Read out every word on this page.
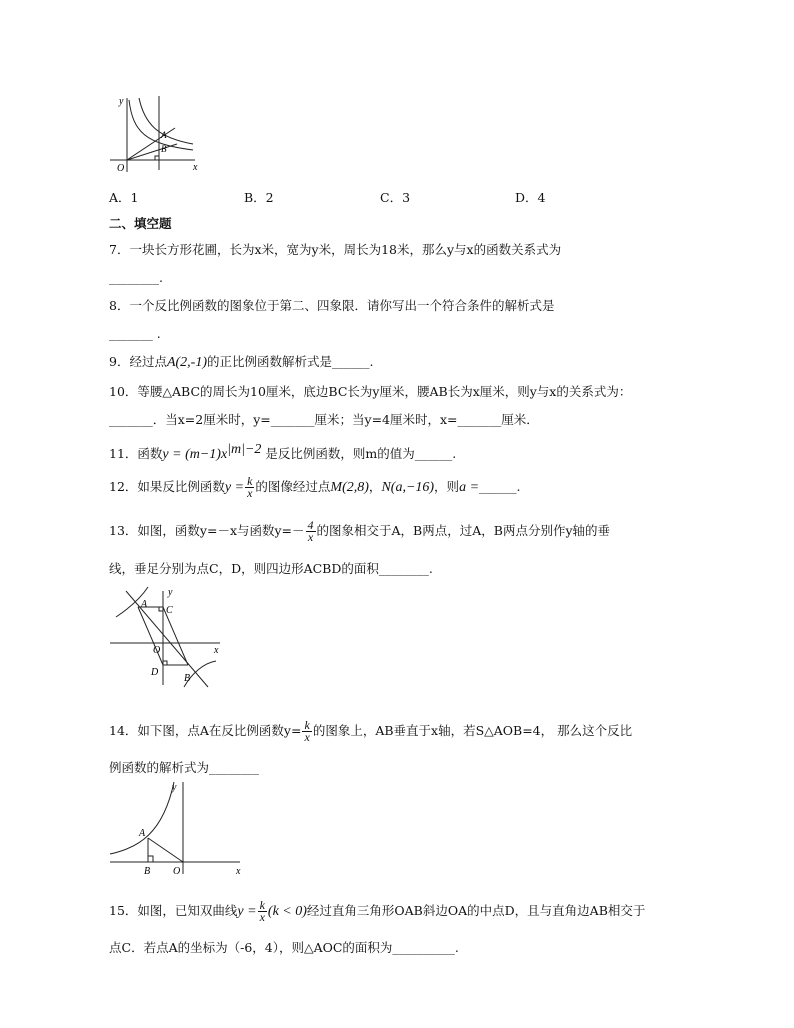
y
x
O
A
B
A．1	B．2	C．3	D．4
二、填空题
7．一块长方形花圃，长为x米，宽为y米，周长为18米，那么y与x的函数关系式为
________.
8．一个反比例函数的图象位于第二、四象限．请你写出一个符合条件的解析式是
_______ .
9．经过点A(2,-1)的正比例函数解析式是______.
10．等腰△ABC的周长为10厘米，底边BC长为y厘米，腰AB长为x厘米，则y与x的关系式为：
_______．当x=2厘米时，y=_______厘米；当y=4厘米时，x=_______厘米．
11．函数$y = (m-1)x^{|m|-2}$ 是反比例函数，则m的值为______.
12．如果反比例函数$y = \frac{k}{x}$ 的图像经过点M(2,8)，N(a,−16)，则a =______.
13．如图，函数y=－x与函数$y=- \frac{4}{x}$ 的图象相交于A，B两点，过A，B两点分别作y轴的垂
线，垂足分别为点C，D，则四边形ACBD的面积________.
y
x
A
C
O
D
B
14．如下图，点A在反比例函数$y= \frac{k}{x}$ 的图象上，AB垂直于x轴，若S△AOB=4， 那么这个反比
例函数的解析式为________
y
x
A
B O
15．如图，已知双曲线$y = \frac{k}{x} (k < 0)$经过直角三角形OAB斜边OA的中点D，且与直角边AB相交于
点C．若点A的坐标为（-6，4），则△AOC的面积为__________.
